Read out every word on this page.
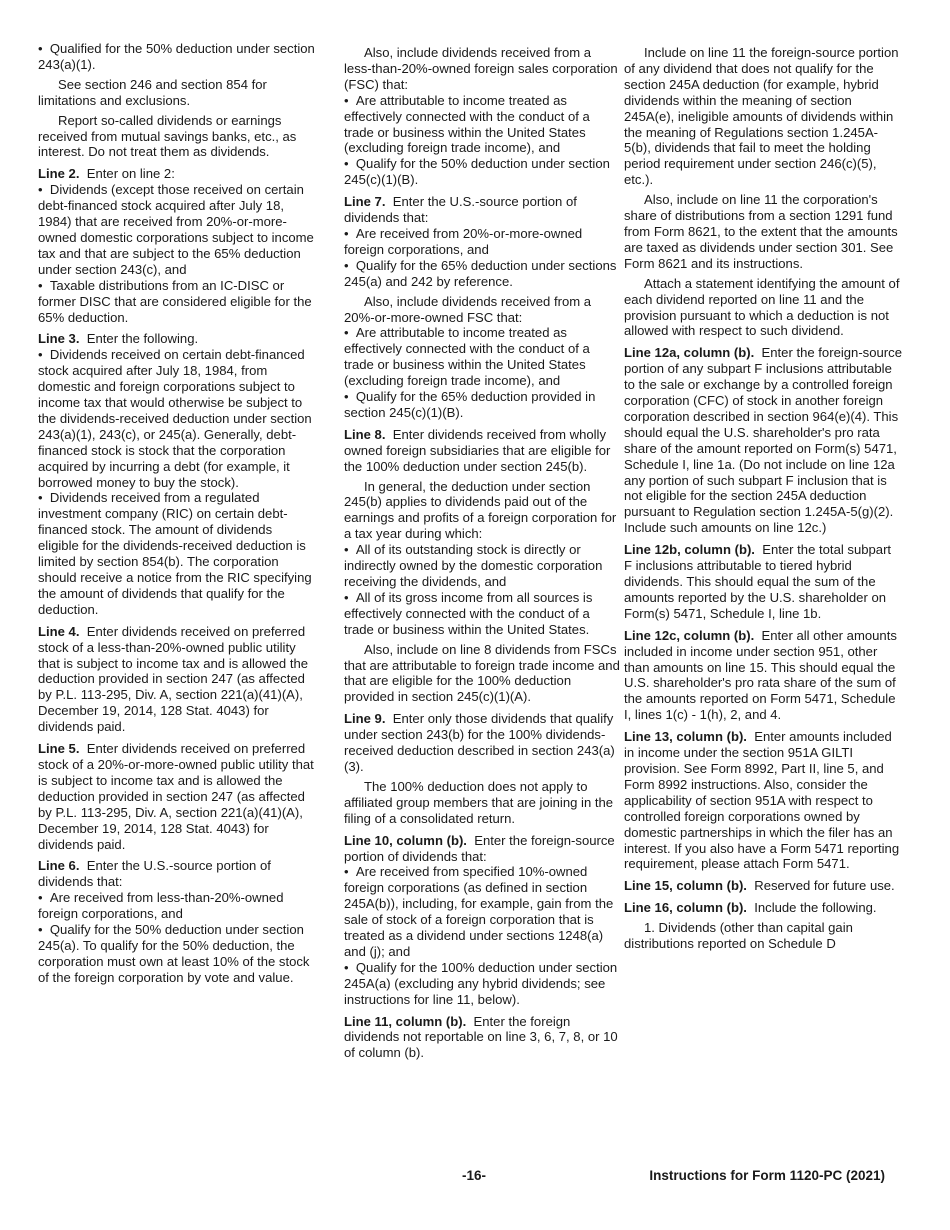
•  Qualified for the 50% deduction under section 243(a)(1).

See section 246 and section 854 for limitations and exclusions.

Report so-called dividends or earnings received from mutual savings banks, etc., as interest. Do not treat them as dividends.

Line 2. Enter on line 2:

•  Dividends (except those received on certain debt-financed stock acquired after July 18, 1984) that are received from 20%-or-more-owned domestic corporations subject to income tax and that are subject to the 65% deduction under section 243(c), and

•  Taxable distributions from an IC-DISC or former DISC that are considered eligible for the 65% deduction.

Line 3. Enter the following.

•  Dividends received on certain debt-financed stock acquired after July 18, 1984, from domestic and foreign corporations subject to income tax that would otherwise be subject to the dividends-received deduction under section 243(a)(1), 243(c), or 245(a). Generally, debt-financed stock is stock that the corporation acquired by incurring a debt (for example, it borrowed money to buy the stock).

•  Dividends received from a regulated investment company (RIC) on certain debt-financed stock. The amount of dividends eligible for the dividends-received deduction is limited by section 854(b). The corporation should receive a notice from the RIC specifying the amount of dividends that qualify for the deduction.

Line 4. Enter dividends received on preferred stock of a less-than-20%-owned public utility that is subject to income tax and is allowed the deduction provided in section 247 (as affected by P.L. 113-295, Div. A, section 221(a)(41)(A), December 19, 2014, 128 Stat. 4043) for dividends paid.

Line 5. Enter dividends received on preferred stock of a 20%-or-more-owned public utility that is subject to income tax and is allowed the deduction provided in section 247 (as affected by P.L. 113-295, Div. A, section 221(a)(41)(A), December 19, 2014, 128 Stat. 4043) for dividends paid.

Line 6. Enter the U.S.-source portion of dividends that:

•  Are received from less-than-20%-owned foreign corporations, and

•  Qualify for the 50% deduction under section 245(a). To qualify for the 50% deduction, the corporation must own at least 10% of the stock of the foreign corporation by vote and value.

Also, include dividends received from a less-than-20%-owned foreign sales corporation (FSC) that:

•  Are attributable to income treated as effectively connected with the conduct of a trade or business within the United States (excluding foreign trade income), and

•  Qualify for the 50% deduction under section 245(c)(1)(B).

Line 7. Enter the U.S.-source portion of dividends that:

•  Are received from 20%-or-more-owned foreign corporations, and

•  Qualify for the 65% deduction under sections 245(a) and 242 by reference.

Also, include dividends received from a 20%-or-more-owned FSC that:

•  Are attributable to income treated as effectively connected with the conduct of a trade or business within the United States (excluding foreign trade income), and

•  Qualify for the 65% deduction provided in section 245(c)(1)(B).

Line 8. Enter dividends received from wholly owned foreign subsidiaries that are eligible for the 100% deduction under section 245(b).

In general, the deduction under section 245(b) applies to dividends paid out of the earnings and profits of a foreign corporation for a tax year during which:

•  All of its outstanding stock is directly or indirectly owned by the domestic corporation receiving the dividends, and

•  All of its gross income from all sources is effectively connected with the conduct of a trade or business within the United States.

Also, include on line 8 dividends from FSCs that are attributable to foreign trade income and that are eligible for the 100% deduction provided in section 245(c)(1)(A).

Line 9. Enter only those dividends that qualify under section 243(b) for the 100% dividends-received deduction described in section 243(a)(3).

The 100% deduction does not apply to affiliated group members that are joining in the filing of a consolidated return.

Line 10, column (b). Enter the foreign-source portion of dividends that:

•  Are received from specified 10%-owned foreign corporations (as defined in section 245A(b)), including, for example, gain from the sale of stock of a foreign corporation that is treated as a dividend under sections 1248(a) and (j); and

•  Qualify for the 100% deduction under section 245A(a) (excluding any hybrid dividends; see instructions for line 11, below).

Line 11, column (b). Enter the foreign dividends not reportable on line 3, 6, 7, 8, or 10 of column (b).

Include on line 11 the foreign-source portion of any dividend that does not qualify for the section 245A deduction (for example, hybrid dividends within the meaning of section 245A(e), ineligible amounts of dividends within the meaning of Regulations section 1.245A-5(b), dividends that fail to meet the holding period requirement under section 246(c)(5), etc.).

Also, include on line 11 the corporation's share of distributions from a section 1291 fund from Form 8621, to the extent that the amounts are taxed as dividends under section 301. See Form 8621 and its instructions.

Attach a statement identifying the amount of each dividend reported on line 11 and the provision pursuant to which a deduction is not allowed with respect to such dividend.

Line 12a, column (b). Enter the foreign-source portion of any subpart F inclusions attributable to the sale or exchange by a controlled foreign corporation (CFC) of stock in another foreign corporation described in section 964(e)(4). This should equal the U.S. shareholder's pro rata share of the amount reported on Form(s) 5471, Schedule I, line 1a. (Do not include on line 12a any portion of such subpart F inclusion that is not eligible for the section 245A deduction pursuant to Regulation section 1.245A-5(g)(2). Include such amounts on line 12c.)

Line 12b, column (b). Enter the total subpart F inclusions attributable to tiered hybrid dividends. This should equal the sum of the amounts reported by the U.S. shareholder on Form(s) 5471, Schedule I, line 1b.

Line 12c, column (b). Enter all other amounts included in income under section 951, other than amounts on line 15. This should equal the U.S. shareholder's pro rata share of the sum of the amounts reported on Form 5471, Schedule I, lines 1(c) - 1(h), 2, and 4.

Line 13, column (b). Enter amounts included in income under the section 951A GILTI provision. See Form 8992, Part II, line 5, and Form 8992 instructions. Also, consider the applicability of section 951A with respect to controlled foreign corporations owned by domestic partnerships in which the filer has an interest. If you also have a Form 5471 reporting requirement, please attach Form 5471.

Line 15, column (b). Reserved for future use.

Line 16, column (b). Include the following.

1. Dividends (other than capital gain distributions reported on Schedule D

-16-	Instructions for Form 1120-PC (2021)
